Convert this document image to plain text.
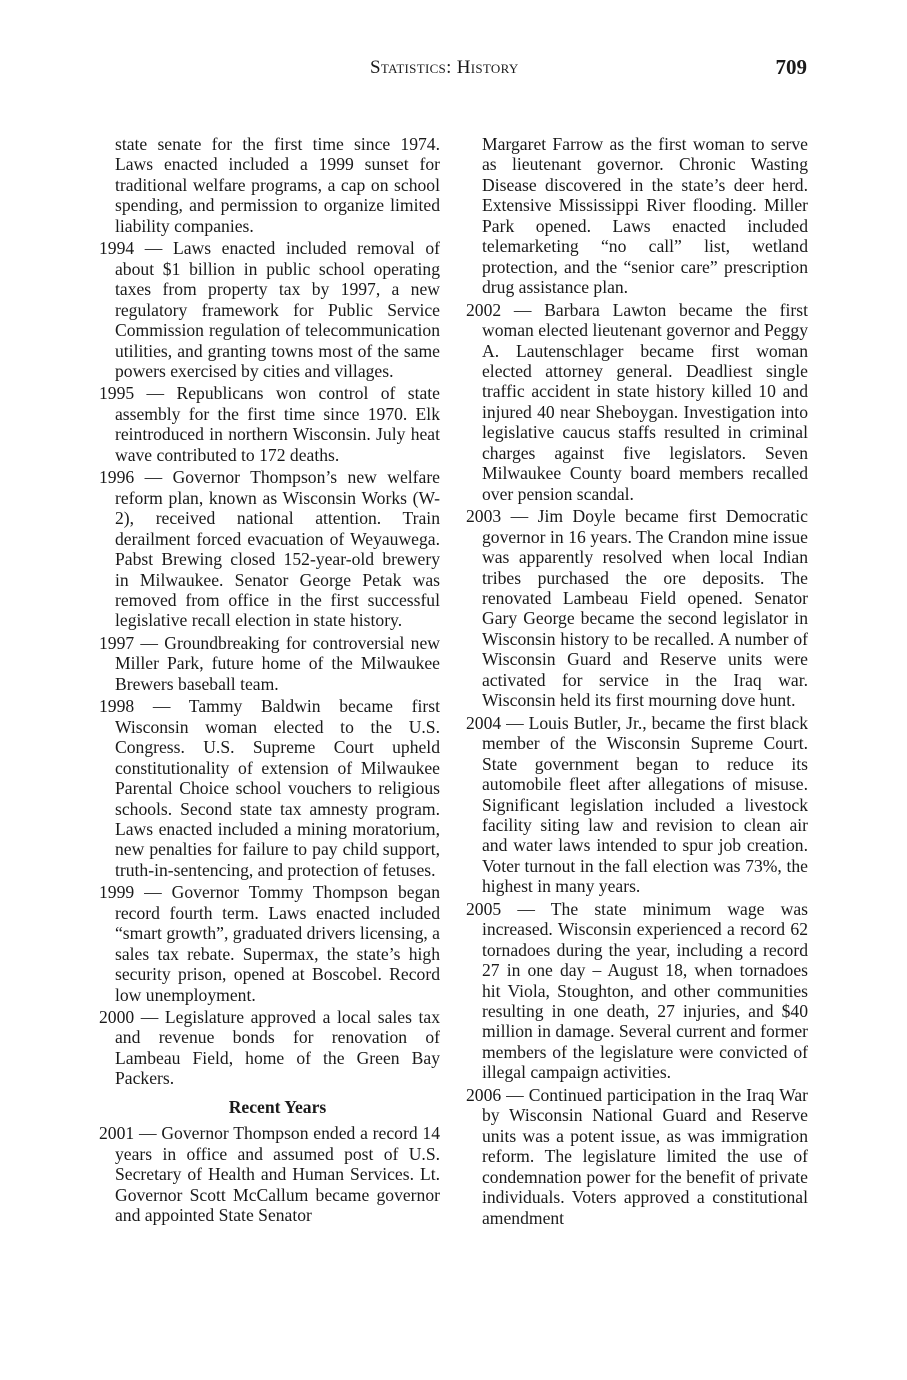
Statistics: History	709

state senate for the first time since 1974. Laws enacted included a 1999 sunset for traditional welfare programs, a cap on school spending, and permission to organize limited liability companies.

1994 — Laws enacted included removal of about $1 billion in public school operating taxes from property tax by 1997, a new regulatory framework for Public Service Commission regulation of telecommunication utilities, and granting towns most of the same powers exercised by cities and villages.

1995 — Republicans won control of state assembly for the first time since 1970. Elk reintroduced in northern Wisconsin. July heat wave contributed to 172 deaths.

1996 — Governor Thompson’s new welfare reform plan, known as Wisconsin Works (W-2), received national attention. Train derailment forced evacuation of Weyauwega. Pabst Brewing closed 152-year-old brewery in Milwaukee. Senator George Petak was removed from office in the first successful legislative recall election in state history.

1997 — Groundbreaking for controversial new Miller Park, future home of the Milwaukee Brewers baseball team.

1998 — Tammy Baldwin became first Wisconsin woman elected to the U.S. Congress. U.S. Supreme Court upheld constitutionality of extension of Milwaukee Parental Choice school vouchers to religious schools. Second state tax amnesty program. Laws enacted included a mining moratorium, new penalties for failure to pay child support, truth-in-sentencing, and protection of fetuses.

1999 — Governor Tommy Thompson began record fourth term. Laws enacted included “smart growth”, graduated drivers licensing, a sales tax rebate. Supermax, the state’s high security prison, opened at Boscobel. Record low unemployment.

2000 — Legislature approved a local sales tax and revenue bonds for renovation of Lambeau Field, home of the Green Bay Packers.

Recent Years

2001 — Governor Thompson ended a record 14 years in office and assumed post of U.S. Secretary of Health and Human Services. Lt. Governor Scott McCallum became governor and appointed State Senator

Margaret Farrow as the first woman to serve as lieutenant governor. Chronic Wasting Disease discovered in the state’s deer herd. Extensive Mississippi River flooding. Miller Park opened. Laws enacted included telemarketing “no call” list, wetland protection, and the “senior care” prescription drug assistance plan.

2002 — Barbara Lawton became the first woman elected lieutenant governor and Peggy A. Lautenschlager became first woman elected attorney general. Deadliest single traffic accident in state history killed 10 and injured 40 near Sheboygan. Investigation into legislative caucus staffs resulted in criminal charges against five legislators. Seven Milwaukee County board members recalled over pension scandal.

2003 — Jim Doyle became first Democratic governor in 16 years. The Crandon mine issue was apparently resolved when local Indian tribes purchased the ore deposits. The renovated Lambeau Field opened. Senator Gary George became the second legislator in Wisconsin history to be recalled. A number of Wisconsin Guard and Reserve units were activated for service in the Iraq war. Wisconsin held its first mourning dove hunt.

2004 — Louis Butler, Jr., became the first black member of the Wisconsin Supreme Court. State government began to reduce its automobile fleet after allegations of misuse. Significant legislation included a livestock facility siting law and revision to clean air and water laws intended to spur job creation. Voter turnout in the fall election was 73%, the highest in many years.

2005 — The state minimum wage was increased. Wisconsin experienced a record 62 tornadoes during the year, including a record 27 in one day – August 18, when tornadoes hit Viola, Stoughton, and other communities resulting in one death, 27 injuries, and $40 million in damage. Several current and former members of the legislature were convicted of illegal campaign activities.

2006 — Continued participation in the Iraq War by Wisconsin National Guard and Reserve units was a potent issue, as was immigration reform. The legislature limited the use of condemnation power for the benefit of private individuals. Voters approved a constitutional amendment
